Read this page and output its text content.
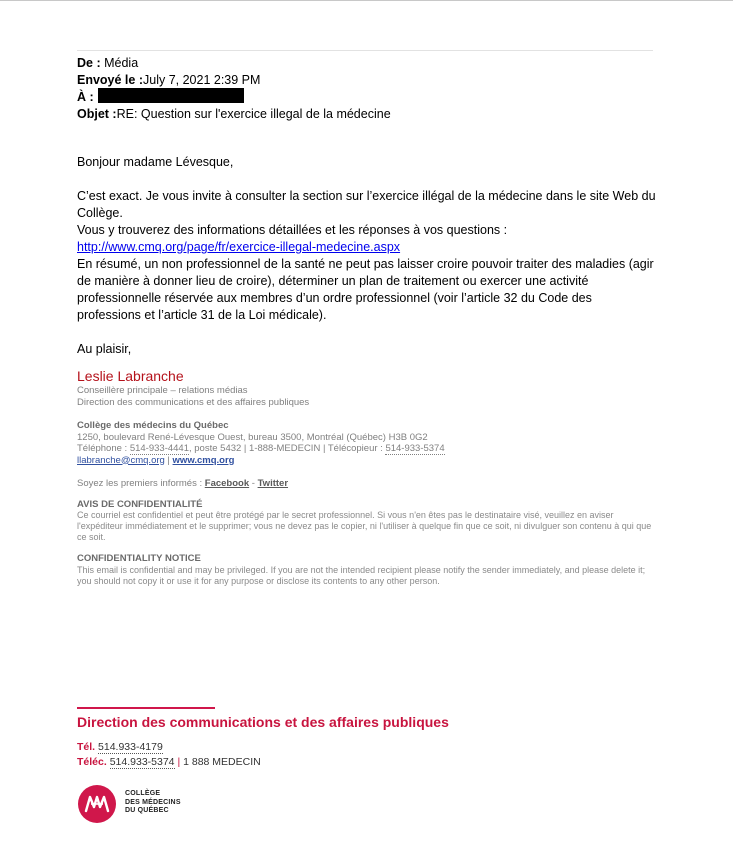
De : Média
Envoyé le :July 7, 2021 2:39 PM
À :
Objet :RE: Question sur l'exercice illegal de la médecine

Bonjour madame Lévesque,

C’est exact. Je vous invite à consulter la section sur l’exercice illégal de la médecine dans le site Web du Collège.

Vous y trouverez des informations détaillées et les réponses à vos questions :

http://www.cmq.org/page/fr/exercice-illegal-medecine.aspx

En résumé, un non professionnel de la santé ne peut pas laisser croire pouvoir traiter des maladies (agir de manière à donner lieu de croire), déterminer un plan de traitement ou exercer une activité professionnelle réservée aux membres d’un ordre professionnel (voir l’article 32 du Code des professions et l’article 31 de la Loi médicale).

Au plaisir,

Leslie Labranche
Conseillère principale – relations médias
Direction des communications et des affaires publiques
Collège des médecins du Québec
1250, boulevard René-Lévesque Ouest, bureau 3500, Montréal (Québec) H3B 0G2
Téléphone : 514-933-4441, poste 5432 | 1-888-MEDECIN | Télécopieur : 514-933-5374
llabranche@cmq.org | www.cmq.org
Soyez les premiers informés : Facebook - Twitter
AVIS DE CONFIDENTIALITÉ
Ce courriel est confidentiel et peut être protégé par le secret professionnel. Si vous n'en êtes pas le destinataire visé, veuillez en aviser l'expéditeur immédiatement et le supprimer; vous ne devez pas le copier, ni l'utiliser à quelque fin que ce soit, ni divulguer son contenu à qui que ce soit.
CONFIDENTIALITY NOTICE
This email is confidential and may be privileged. If you are not the intended recipient please notify the sender immediately, and please delete it; you should not copy it or use it for any purpose or disclose its contents to any other person.
Direction des communications et des affaires publiques
Tél. 514.933-4179
Téléc. 514.933-5374 | 1 888 MEDECIN
COLLÈGE
DES MÉDECINS
DU QUÉBEC
